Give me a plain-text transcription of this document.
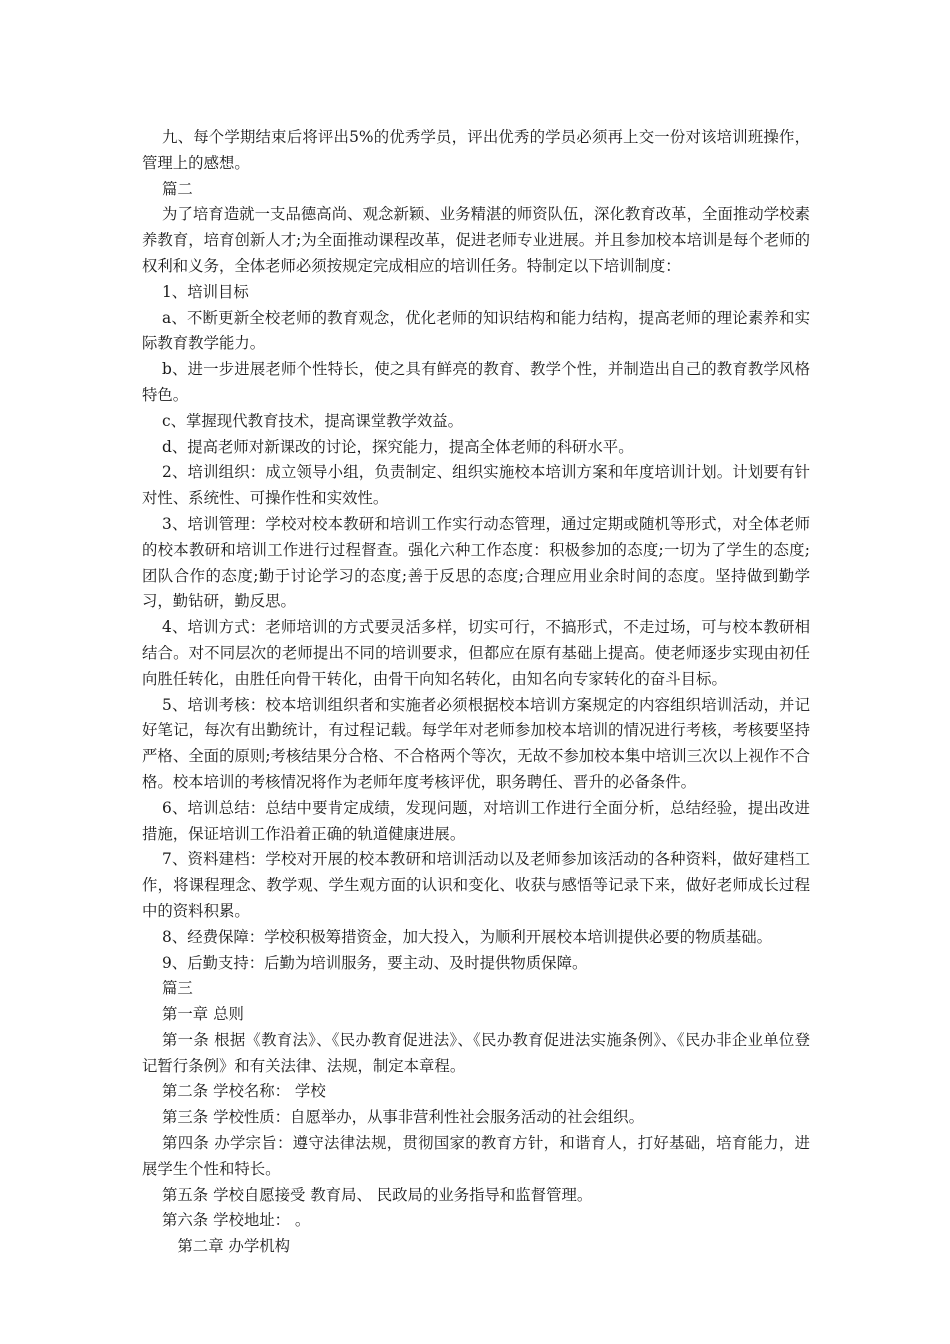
九、每个学期结束后将评出5%的优秀学员，评出优秀的学员必须再上交一份对该培训班操作，管理上的感想。

篇二

为了培育造就一支品德高尚、观念新颖、业务精湛的师资队伍，深化教育改革，全面推动学校素养教育，培育创新人才;为全面推动课程改革，促进老师专业进展。并且参加校本培训是每个老师的权利和义务，全体老师必须按规定完成相应的培训任务。特制定以下培训制度：

1、培训目标

a、不断更新全校老师的教育观念，优化老师的知识结构和能力结构，提高老师的理论素养和实际教育教学能力。

b、进一步进展老师个性特长，使之具有鲜亮的教育、教学个性，并制造出自己的教育教学风格特色。

c、掌握现代教育技术，提高课堂教学效益。

d、提高老师对新课改的讨论，探究能力，提高全体老师的科研水平。

2、培训组织：成立领导小组，负责制定、组织实施校本培训方案和年度培训计划。计划要有针对性、系统性、可操作性和实效性。

3、培训管理：学校对校本教研和培训工作实行动态管理，通过定期或随机等形式，对全体老师的校本教研和培训工作进行过程督查。强化六种工作态度：积极参加的态度;一切为了学生的态度;团队合作的态度;勤于讨论学习的态度;善于反思的态度;合理应用业余时间的态度。坚持做到勤学习，勤钻研，勤反思。

4、培训方式：老师培训的方式要灵活多样，切实可行，不搞形式，不走过场，可与校本教研相结合。对不同层次的老师提出不同的培训要求，但都应在原有基础上提高。使老师逐步实现由初任向胜任转化，由胜任向骨干转化，由骨干向知名转化，由知名向专家转化的奋斗目标。

5、培训考核：校本培训组织者和实施者必须根据校本培训方案规定的内容组织培训活动，并记好笔记，每次有出勤统计，有过程记载。每学年对老师参加校本培训的情况进行考核，考核要坚持严格、全面的原则;考核结果分合格、不合格两个等次，无故不参加校本集中培训三次以上视作不合格。校本培训的考核情况将作为老师年度考核评优，职务聘任、晋升的必备条件。

6、培训总结：总结中要肯定成绩，发现问题，对培训工作进行全面分析，总结经验，提出改进措施，保证培训工作沿着正确的轨道健康进展。

7、资料建档：学校对开展的校本教研和培训活动以及老师参加该活动的各种资料，做好建档工作，将课程理念、教学观、学生观方面的认识和变化、收获与感悟等记录下来，做好老师成长过程中的资料积累。

8、经费保障：学校积极筹措资金，加大投入，为顺利开展校本培训提供必要的物质基础。

9、后勤支持：后勤为培训服务，要主动、及时提供物质保障。

篇三

第一章 总则

第一条 根据《教育法》、《民办教育促进法》、《民办教育促进法实施条例》、《民办非企业单位登记暂行条例》和有关法律、法规，制定本章程。

第二条 学校名称： 学校

第三条 学校性质：自愿举办，从事非营利性社会服务活动的社会组织。

第四条 办学宗旨：遵守法律法规，贯彻国家的教育方针，和谐育人，打好基础，培育能力，进展学生个性和特长。

第五条 学校自愿接受 教育局、 民政局的业务指导和监督管理。

第六条 学校地址： 。

第二章 办学机构
